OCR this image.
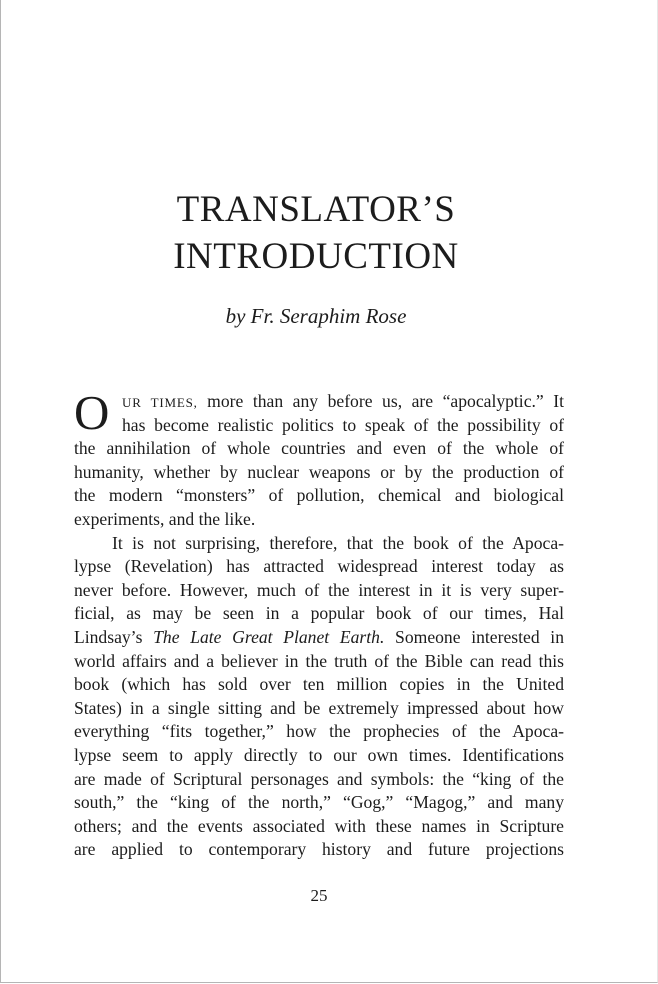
TRANSLATOR’S
INTRODUCTION
by Fr. Seraphim Rose
O UR TIMES, more than any before us, are “apocalyptic.” It
has become realistic politics to speak of the possibility of
the annihilation of whole countries and even of the whole of
humanity, whether by nuclear weapons or by the production of
the modern “monsters” of pollution, chemical and biological
experiments, and the like.
It is not surprising, therefore, that the book of the Apoca-
lypse (Revelation) has attracted widespread interest today as
never before. However, much of the interest in it is very super-
ficial, as may be seen in a popular book of our times, Hal
Lindsay’s The Late Great Planet Earth. Someone interested in
world affairs and a believer in the truth of the Bible can read this
book (which has sold over ten million copies in the United
States) in a single sitting and be extremely impressed about how
everything “fits together,” how the prophecies of the Apoca-
lypse seem to apply directly to our own times. Identifications
are made of Scriptural personages and symbols: the “king of the
south,” the “king of the north,” “Gog,” “Magog,” and many
others; and the events associated with these names in Scripture
are applied to contemporary history and future projections
25
